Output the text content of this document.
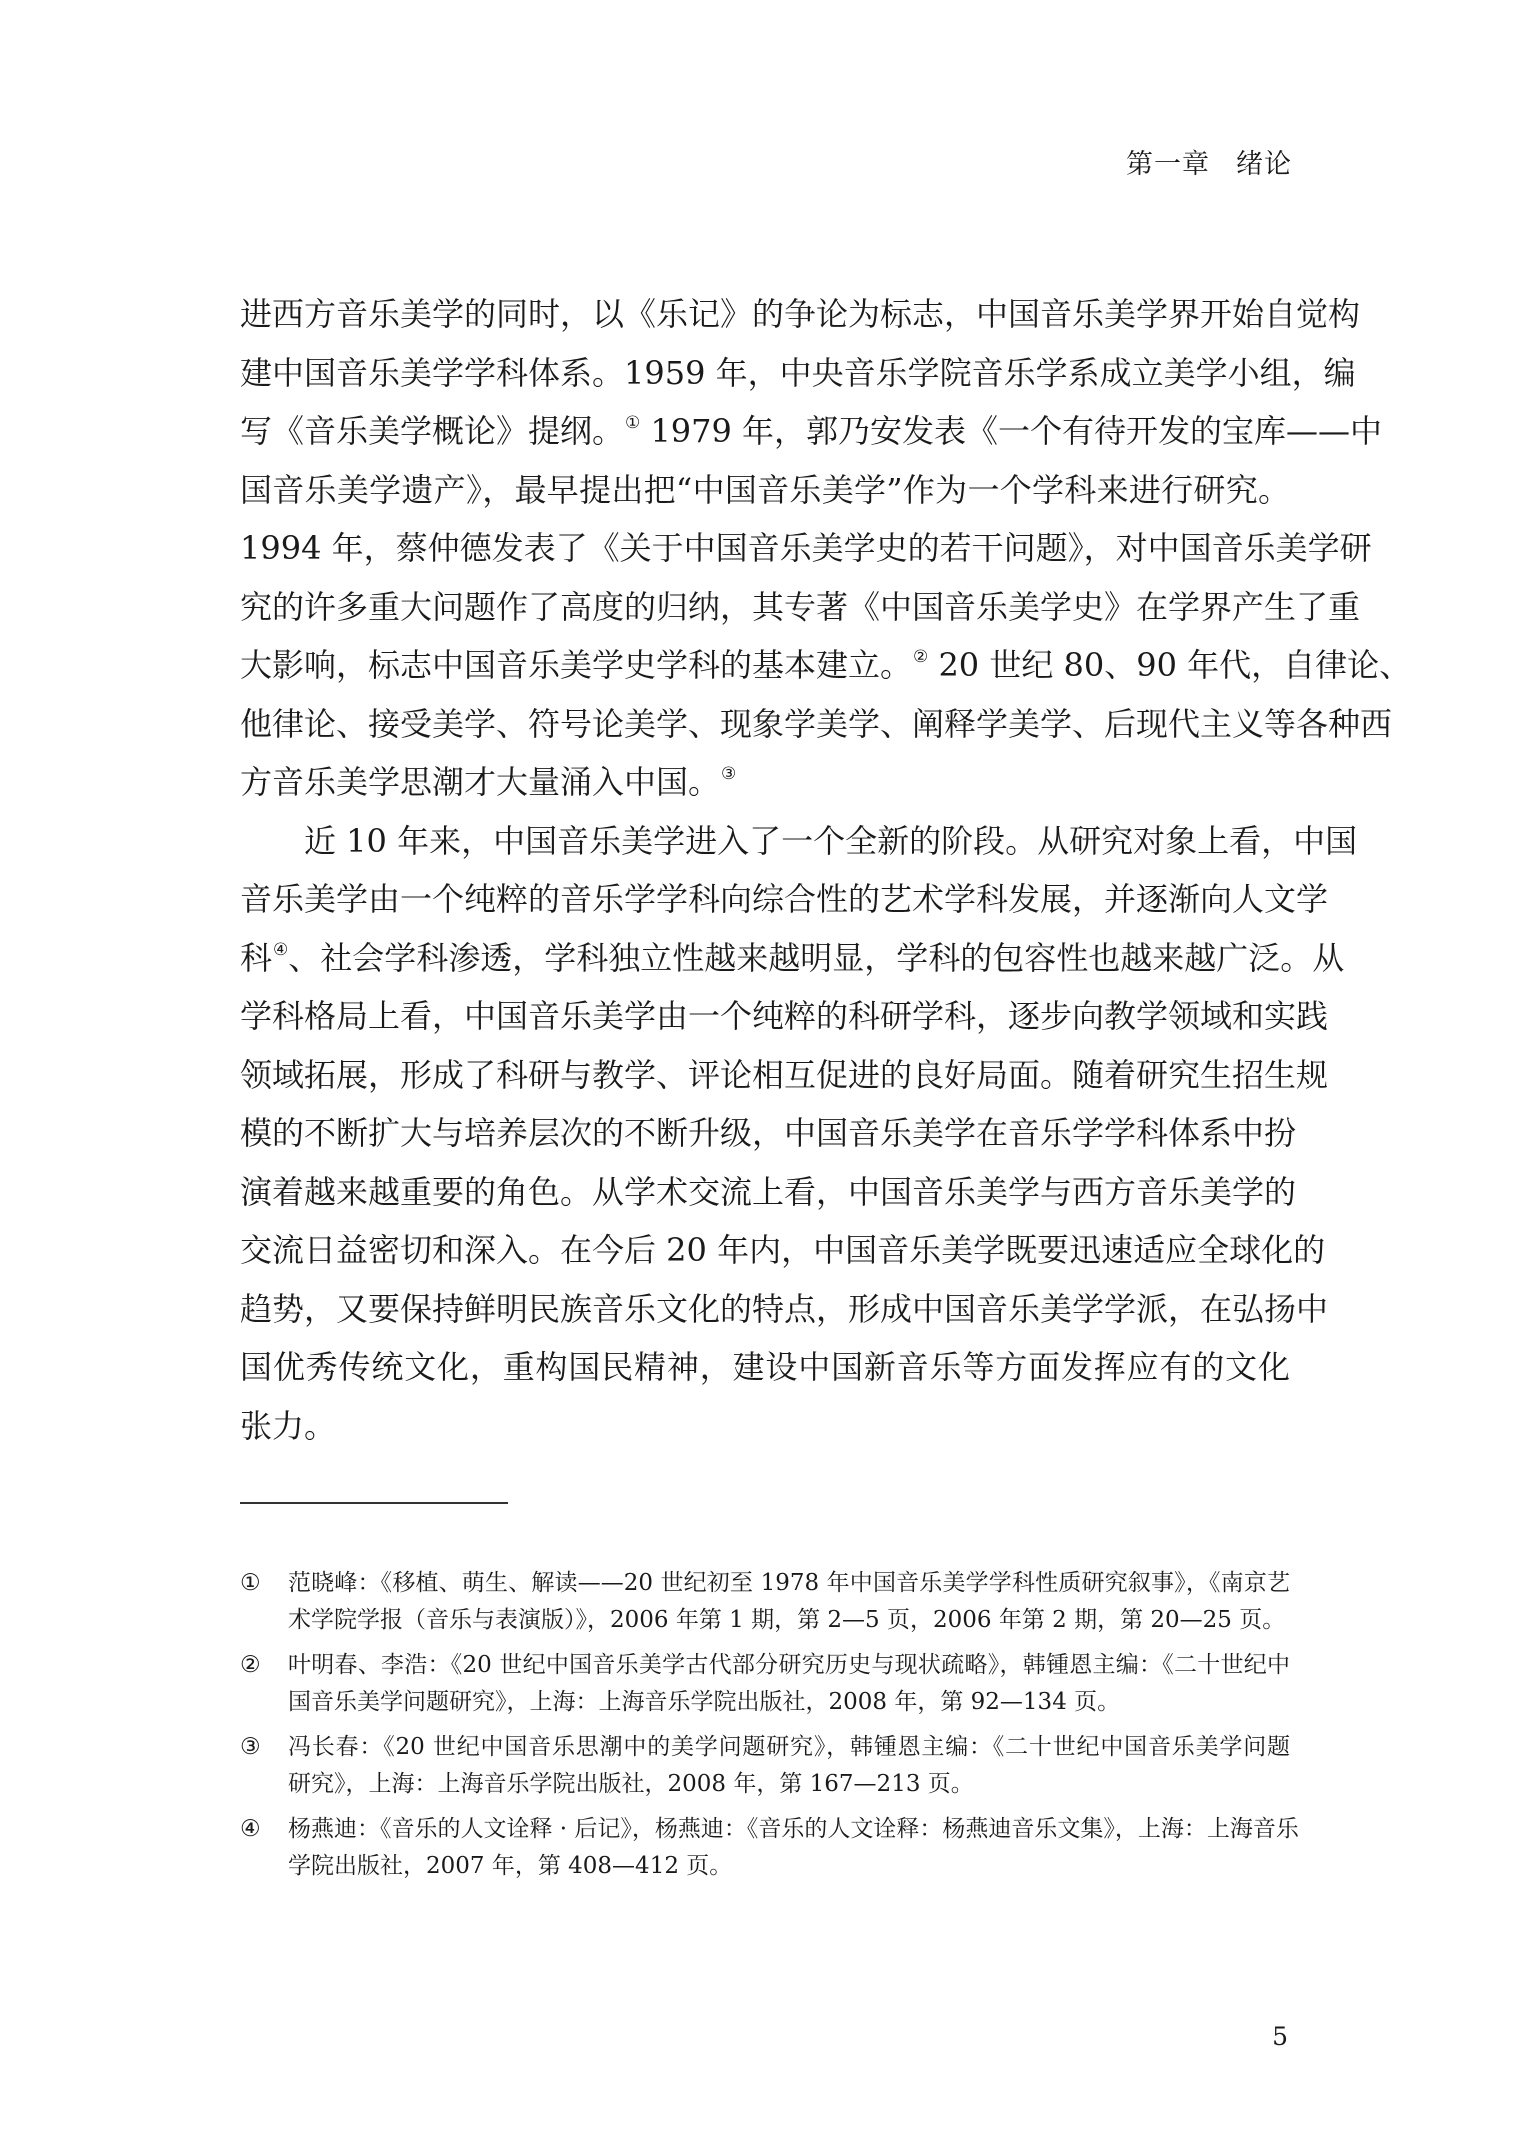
第一章 绪论
进西方音乐美学的同时，以《乐记》的争论为标志，中国音乐美学界开始自觉构
建中国音乐美学学科体系。1959 年，中央音乐学院音乐学系成立美学小组，编
写《音乐美学概论》提纲。① 1979 年，郭乃安发表《一个有待开发的宝库——中
国音乐美学遗产》，最早提出把“中国音乐美学”作为一个学科来进行研究。
1994 年，蔡仲德发表了《关于中国音乐美学史的若干问题》，对中国音乐美学研
究的许多重大问题作了高度的归纳，其专著《中国音乐美学史》在学界产生了重
大影响，标志中国音乐美学史学科的基本建立。② 20 世纪 80、90 年代，自律论、
他律论、接受美学、符号论美学、现象学美学、阐释学美学、后现代主义等各种西
方音乐美学思潮才大量涌入中国。③
近 10 年来，中国音乐美学进入了一个全新的阶段。从研究对象上看，中国
音乐美学由一个纯粹的音乐学学科向综合性的艺术学科发展，并逐渐向人文学
科④、社会学科渗透，学科独立性越来越明显，学科的包容性也越来越广泛。从
学科格局上看，中国音乐美学由一个纯粹的科研学科，逐步向教学领域和实践
领域拓展，形成了科研与教学、评论相互促进的良好局面。随着研究生招生规
模的不断扩大与培养层次的不断升级，中国音乐美学在音乐学学科体系中扮
演着越来越重要的角色。从学术交流上看，中国音乐美学与西方音乐美学的
交流日益密切和深入。在今后 20 年内，中国音乐美学既要迅速适应全球化的
趋势，又要保持鲜明民族音乐文化的特点，形成中国音乐美学学派，在弘扬中
国优秀传统文化，重构国民精神，建设中国新音乐等方面发挥应有的文化
张力。
① 范晓峰：《移植、萌生、解读——20 世纪初至 1978 年中国音乐美学学科性质研究叙事》，《南京艺
术学院学报（音乐与表演版）》，2006 年第 1 期，第 2—5 页，2006 年第 2 期，第 20—25 页。
② 叶明春、李浩：《20 世纪中国音乐美学古代部分研究历史与现状疏略》，韩锺恩主编：《二十世纪中
国音乐美学问题研究》，上海：上海音乐学院出版社，2008 年，第 92—134 页。
③ 冯长春：《20 世纪中国音乐思潮中的美学问题研究》，韩锺恩主编：《二十世纪中国音乐美学问题
研究》，上海：上海音乐学院出版社，2008 年，第 167—213 页。
④ 杨燕迪：《音乐的人文诠释 · 后记》，杨燕迪：《音乐的人文诠释：杨燕迪音乐文集》，上海：上海音乐
学院出版社，2007 年，第 408—412 页。
5
